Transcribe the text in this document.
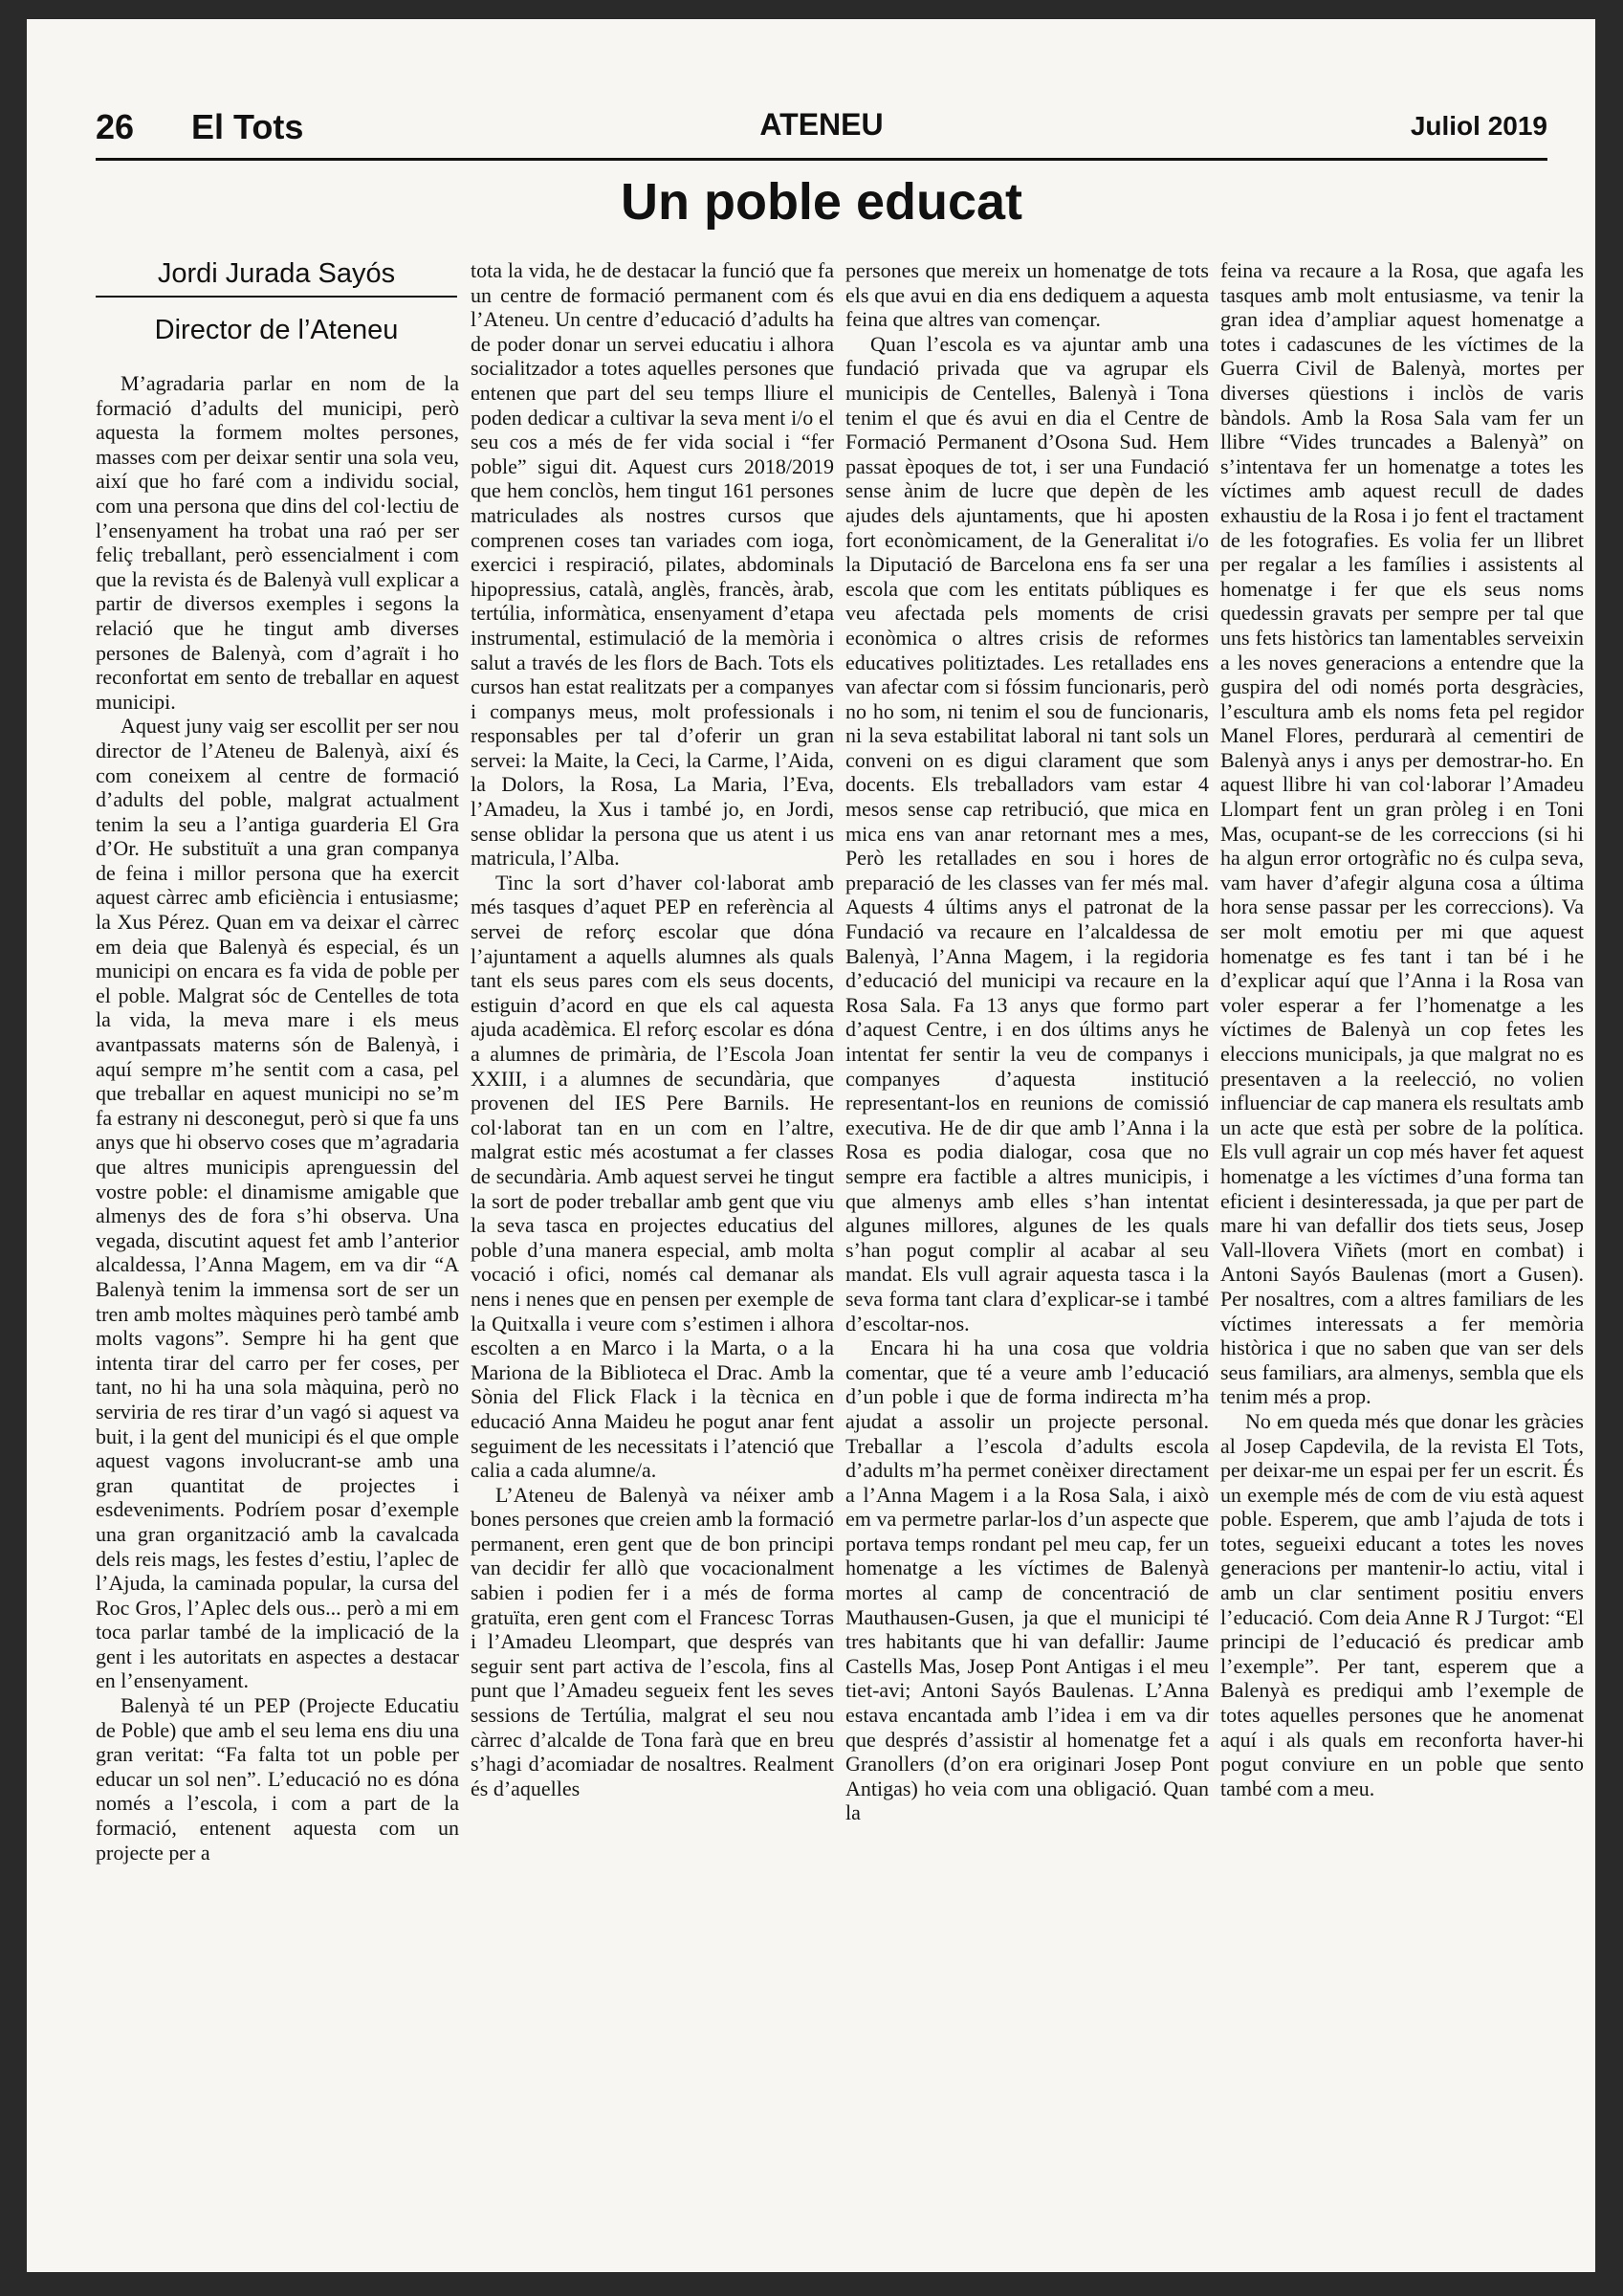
26 El Tots	ATENEU	Juliol 2019
Un poble educat
Jordi Jurada Sayós
Director de l’Ateneu

M’agradaria parlar en nom de la formació d’adults del municipi, però aquesta la formem moltes persones, masses com per deixar sentir una sola veu, així que ho faré com a individu social, com una persona que dins del col·lectiu de l’ensenyament ha trobat una raó per ser feliç treballant, però essencialment i com que la revista és de Balenyà vull explicar a partir de diversos exemples i segons la relació que he tingut amb diverses persones de Balenyà, com d’agraït i ho reconfortat em sento de treballar en aquest municipi.

Aquest juny vaig ser escollit per ser nou director de l’Ateneu de Balenyà, així és com coneixem al centre de formació d’adults del poble, malgrat actualment tenim la seu a l’antiga guarderia El Gra d’Or. He substituït a una gran companya de feina i millor persona que ha exercit aquest càrrec amb eficiència i entusiasme; la Xus Pérez. Quan em va deixar el càrrec em deia que Balenyà és especial, és un municipi on encara es fa vida de poble per el poble. Malgrat sóc de Centelles de tota la vida, la meva mare i els meus avantpassats materns són de Balenyà, i aquí sempre m’he sentit com a casa, pel que treballar en aquest municipi no se’m fa estrany ni desconegut, però si que fa uns anys que hi observo coses que m’agradaria que altres municipis aprenguessin del vostre poble: el dinamisme amigable que almenys des de fora s’hi observa. Una vegada, discutint aquest fet amb l’anterior alcaldessa, l’Anna Magem, em va dir “A Balenyà tenim la immensa sort de ser un tren amb moltes màquines però també amb molts vagons”. Sempre hi ha gent que intenta tirar del carro per fer coses, per tant, no hi ha una sola màquina, però no serviria de res tirar d’un vagó si aquest va buit, i la gent del municipi és el que omple aquest vagons involucrant-se amb una gran quantitat de projectes i esdeveniments. Podríem posar d’exemple una gran organització amb la cavalcada dels reis mags, les festes d’estiu, l’aplec de l’Ajuda, la caminada popular, la cursa del Roc Gros, l’Aplec dels ous... però a mi em toca parlar també de la implicació de la gent i les autoritats en aspectes a destacar en l’ensenyament.

Balenyà té un PEP (Projecte Educatiu de Poble) que amb el seu lema ens diu una gran veritat: “Fa falta tot un poble per educar un sol nen”. L’educació no es dóna només a l’escola, i com a part de la formació, entenent aquesta com un projecte per a

tota la vida, he de destacar la funció que fa un centre de formació permanent com és l’Ateneu. Un centre d’educació d’adults ha de poder donar un servei educatiu i alhora socialitzador a totes aquelles persones que entenen que part del seu temps lliure el poden dedicar a cultivar la seva ment i/o el seu cos a més de fer vida social i “fer poble” sigui dit. Aquest curs 2018/2019 que hem conclòs, hem tingut 161 persones matriculades als nostres cursos que comprenen coses tan variades com ioga, exercici i respiració, pilates, abdominals hipopressius, català, anglès, francès, àrab, tertúlia, informàtica, ensenyament d’etapa instrumental, estimulació de la memòria i salut a través de les flors de Bach. Tots els cursos han estat realitzats per a companyes i companys meus, molt professionals i responsables per tal d’oferir un gran servei: la Maite, la Ceci, la Carme, l’Aida, la Dolors, la Rosa, La Maria, l’Eva, l’Amadeu, la Xus i també jo, en Jordi, sense oblidar la persona que us atent i us matricula, l’Alba.

Tinc la sort d’haver col·laborat amb més tasques d’aquet PEP en referència al servei de reforç escolar que dóna l’ajuntament a aquells alumnes als quals tant els seus pares com els seus docents, estiguin d’acord en que els cal aquesta ajuda acadèmica. El reforç escolar es dóna a alumnes de primària, de l’Escola Joan XXIII, i a alumnes de secundària, que provenen del IES Pere Barnils. He col·laborat tan en un com en l’altre, malgrat estic més acostumat a fer classes de secundària. Amb aquest servei he tingut la sort de poder treballar amb gent que viu la seva tasca en projectes educatius del poble d’una manera especial, amb molta vocació i ofici, només cal demanar als nens i nenes que en pensen per exemple de la Quitxalla i veure com s’estimen i alhora escolten a en Marco i la Marta, o a la Mariona de la Biblioteca el Drac. Amb la Sònia del Flick Flack i la tècnica en educació Anna Maideu he pogut anar fent seguiment de les necessitats i l’atenció que calia a cada alumne/a.

L’Ateneu de Balenyà va néixer amb bones persones que creien amb la formació permanent, eren gent que de bon principi van decidir fer allò que vocacionalment sabien i podien fer i a més de forma gratuïta, eren gent com el Francesc Torras i l’Amadeu Lleompart, que després van seguir sent part activa de l’escola, fins al punt que l’Amadeu segueix fent les seves sessions de Tertúlia, malgrat el seu nou càrrec d’alcalde de Tona farà que en breu s’hagi d’acomiadar de nosaltres. Realment és d’aquelles

persones que mereix un homenatge de tots els que avui en dia ens dediquem a aquesta feina que altres van començar.

Quan l’escola es va ajuntar amb una fundació privada que va agrupar els municipis de Centelles, Balenyà i Tona tenim el que és avui en dia el Centre de Formació Permanent d’Osona Sud. Hem passat èpoques de tot, i ser una Fundació sense ànim de lucre que depèn de les ajudes dels ajuntaments, que hi aposten fort econòmicament, de la Generalitat i/o la Diputació de Barcelona ens fa ser una escola que com les entitats públiques es veu afectada pels moments de crisi econòmica o altres crisis de reformes educatives politiztades. Les retallades ens van afectar com si fóssim funcionaris, però no ho som, ni tenim el sou de funcionaris, ni la seva estabilitat laboral ni tant sols un conveni on es digui clarament que som docents. Els treballadors vam estar 4 mesos sense cap retribució, que mica en mica ens van anar retornant mes a mes, Però les retallades en sou i hores de preparació de les classes van fer més mal. Aquests 4 últims anys el patronat de la Fundació va recaure en l’alcaldessa de Balenyà, l’Anna Magem, i la regidoria d’educació del municipi va recaure en la Rosa Sala. Fa 13 anys que formo part d’aquest Centre, i en dos últims anys he intentat fer sentir la veu de companys i companyes d’aquesta institució representant-los en reunions de comissió executiva. He de dir que amb l’Anna i la Rosa es podia dialogar, cosa que no sempre era factible a altres municipis, i que almenys amb elles s’han intentat algunes millores, algunes de les quals s’han pogut complir al acabar al seu mandat. Els vull agrair aquesta tasca i la seva forma tant clara d’explicar-se i també d’escoltar-nos.

Encara hi ha una cosa que voldria comentar, que té a veure amb l’educació d’un poble i que de forma indirecta m’ha ajudat a assolir un projecte personal. Treballar a l’escola d’adults escola d’adults m’ha permet conèixer directament a l’Anna Magem i a la Rosa Sala, i això em va permetre parlar-los d’un aspecte que portava temps rondant pel meu cap, fer un homenatge a les víctimes de Balenyà mortes al camp de concentració de Mauthausen-Gusen, ja que el municipi té tres habitants que hi van defallir: Jaume Castells Mas, Josep Pont Antigas i el meu tiet-avi; Antoni Sayós Baulenas. L’Anna estava encantada amb l’idea i em va dir que després d’assistir al homenatge fet a Granollers (d’on era originari Josep Pont Antigas) ho veia com una obligació. Quan la

feina va recaure a la Rosa, que agafa les tasques amb molt entusiasme, va tenir la gran idea d’ampliar aquest homenatge a totes i cadascunes de les víctimes de la Guerra Civil de Balenyà, mortes per diverses qüestions i inclòs de varis bàndols. Amb la Rosa Sala vam fer un llibre “Vides truncades a Balenyà” on s’intentava fer un homenatge a totes les víctimes amb aquest recull de dades exhaustiu de la Rosa i jo fent el tractament de les fotografies. Es volia fer un llibret per regalar a les famílies i assistents al homenatge i fer que els seus noms quedessin gravats per sempre per tal que uns fets històrics tan lamentables serveixin a les noves generacions a entendre que la guspira del odi només porta desgràcies, l’escultura amb els noms feta pel regidor Manel Flores, perdurarà al cementiri de Balenyà anys i anys per demostrar-ho. En aquest llibre hi van col·laborar l’Amadeu Llompart fent un gran pròleg i en Toni Mas, ocupant-se de les correccions (si hi ha algun error ortogràfic no és culpa seva, vam haver d’afegir alguna cosa a última hora sense passar per les correccions). Va ser molt emotiu per mi que aquest homenatge es fes tant i tan bé i he d’explicar aquí que l’Anna i la Rosa van voler esperar a fer l’homenatge a les víctimes de Balenyà un cop fetes les eleccions municipals, ja que malgrat no es presentaven a la reelecció, no volien influenciar de cap manera els resultats amb un acte que està per sobre de la política. Els vull agrair un cop més haver fet aquest homenatge a les víctimes d’una forma tan eficient i desinteressada, ja que per part de mare hi van defallir dos tiets seus, Josep Vall-llovera Viñets (mort en combat) i Antoni Sayós Baulenas (mort a Gusen). Per nosaltres, com a altres familiars de les víctimes interessats a fer memòria històrica i que no saben que van ser dels seus familiars, ara almenys, sembla que els tenim més a prop.

No em queda més que donar les gràcies al Josep Capdevila, de la revista El Tots, per deixar-me un espai per fer un escrit. És un exemple més de com de viu està aquest poble. Esperem, que amb l’ajuda de tots i totes, segueixi educant a totes les noves generacions per mantenir-lo actiu, vital i amb un clar sentiment positiu envers l’educació. Com deia Anne R J Turgot: “El principi de l’educació és predicar amb l’exemple”. Per tant, esperem que a Balenyà es prediqui amb l’exemple de totes aquelles persones que he anomenat aquí i als quals em reconforta haver-hi pogut conviure en un poble que sento també com a meu.
